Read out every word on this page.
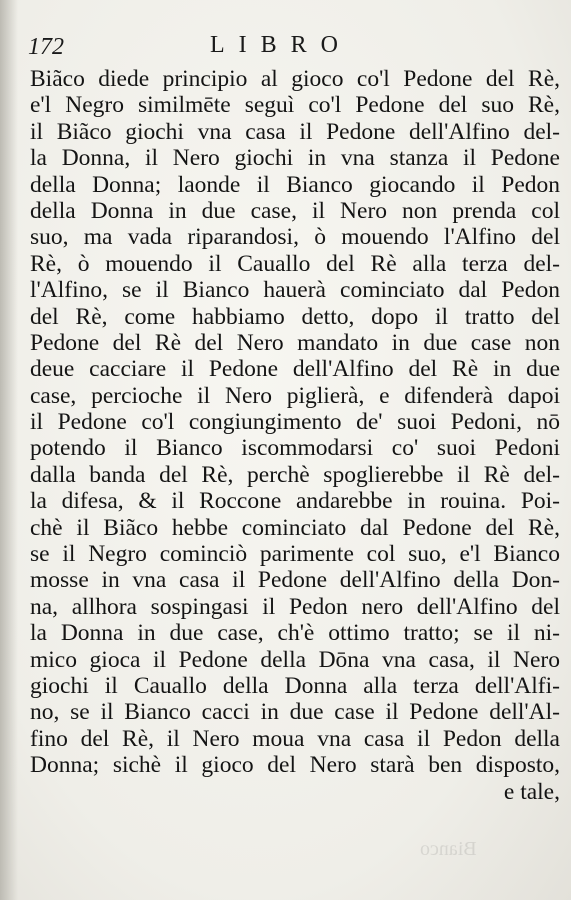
172	LIBRO
Biãco diede principio al gioco co'l Pedone del Rè,
e'l Negro similmēte seguì co'l Pedone del suo Rè,
il Biãco giochi vna casa il Pedone dell'Alfino del-
la Donna, il Nero giochi in vna stanza il Pedone
della Donna; laonde il Bianco giocando il Pedon
della Donna in due case, il Nero non prenda col
suo, ma vada riparandosi, ò mouendo l'Alfino del
Rè, ò mouendo il Cauallo del Rè alla terza del-
l'Alfino, se il Bianco hauerà cominciato dal Pedon
del Rè, come habbiamo detto, dopo il tratto del
Pedone del Rè del Nero mandato in due case non
deue cacciare il Pedone dell'Alfino del Rè in due
case, percioche il Nero piglierà, e difenderà dapoi
il Pedone co'l congiungimento de' suoi Pedoni, nō
potendo il Bianco iscommodarsi co' suoi Pedoni
dalla banda del Rè, perchè spoglierebbe il Rè del-
la difesa, & il Roccone andarebbe in rouina. Poi-
chè il Biãco hebbe cominciato dal Pedone del Rè,
se il Negro cominciò parimente col suo, e'l Bianco
mosse in vna casa il Pedone dell'Alfino della Don-
na, allhora sospingasi il Pedon nero dell'Alfino del
la Donna in due case, ch'è ottimo tratto; se il ni-
mico gioca il Pedone della Dōna vna casa, il Nero
giochi il Cauallo della Donna alla terza dell'Alfi-
no, se il Bianco cacci in due case il Pedone dell'Al-
fino del Rè, il Nero moua vna casa il Pedon della
Donna; sichè il gioco del Nero starà ben disposto,
e tale,
Bianco
